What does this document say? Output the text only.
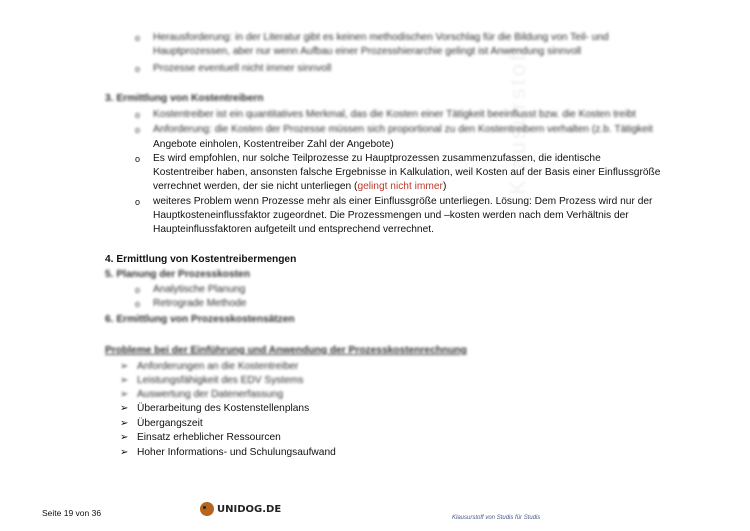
Klausurstoff
o Herausforderung: in der Literatur gibt es keinen methodischen Vorschlag für die Bildung von Teil- und
Hauptprozessen, aber nur wenn Aufbau einer Prozesshierarchie gelingt ist Anwendung sinnvoll
o Prozesse eventuell nicht immer sinnvoll
3. Ermittlung von Kostentreibern
o Kostentreiber ist ein quantitatives Merkmal, das die Kosten einer Tätigkeit beeinflusst bzw. die Kosten treibt
o Anforderung: die Kosten der Prozesse müssen sich proportional zu den Kostentreibern verhalten (z.b. Tätigkeit
Angebote einholen, Kostentreiber Zahl der Angebote)
o Es wird empfohlen, nur solche Teilprozesse zu Hauptprozessen zusammenzufassen, die identische
Kostentreiber haben, ansonsten falsche Ergebnisse in Kalkulation, weil Kosten auf der Basis einer Einflussgröße
verrechnet werden, der sie nicht unterliegen (gelingt nicht immer)
o weiteres Problem wenn Prozesse mehr als einer Einflussgröße unterliegen. Lösung: Dem Prozess wird nur der
Hauptkosteneinflussfaktor zugeordnet. Die Prozessmengen und –kosten werden nach dem Verhältnis der
Haupteinflussfaktoren aufgeteilt und entsprechend verrechnet.
4. Ermittlung von Kostentreibermengen
5. Planung der Prozesskosten
o Analytische Planung
o Retrograde Methode
6. Ermittlung von Prozesskostensätzen
Probleme bei der Einführung und Anwendung der Prozesskostenrechnung
➢ Anforderungen an die Kostentreiber
➢ Leistungsfähigkeit des EDV Systems
➢ Auswertung der Datenerfassung
➢ Überarbeitung des Kostenstellenplans
➢ Übergangszeit
➢ Einsatz erheblicher Ressourcen
➢ Hoher Informations- und Schulungsaufwand
Seite 19 von 36	UNIDOG.DE
Klausurstoff von Studis für Studis
